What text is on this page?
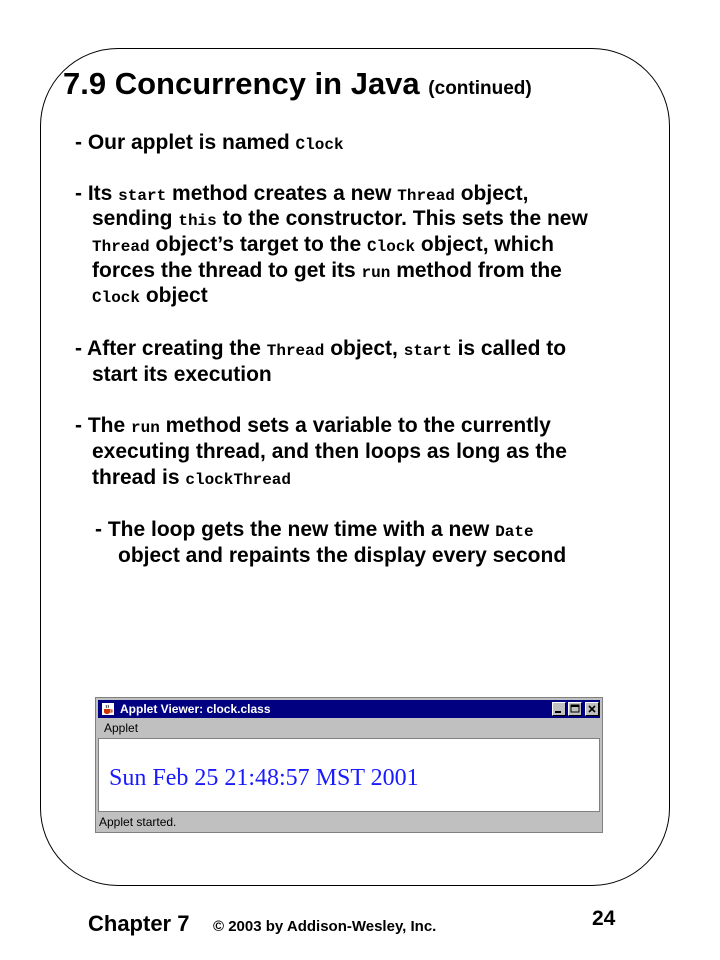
7.9 Concurrency in Java (continued)
- Our applet is named Clock
- Its start method creates a new Thread object,
sending this to the constructor. This sets the new
Thread object’s target to the Clock object, which
forces the thread to get its run method from the
Clock object
- After creating the Thread object, start is called to
start its execution
- The run method sets a variable to the currently
executing thread, and then loops as long as the
thread is clockThread
- The loop gets the new time with a new Date
object and repaints the display every second
Applet Viewer: clock.class
Applet
Sun Feb 25 21:48:57 MST 2001
Applet started.
Chapter 7 © 2003 by Addison-Wesley, Inc.	24
